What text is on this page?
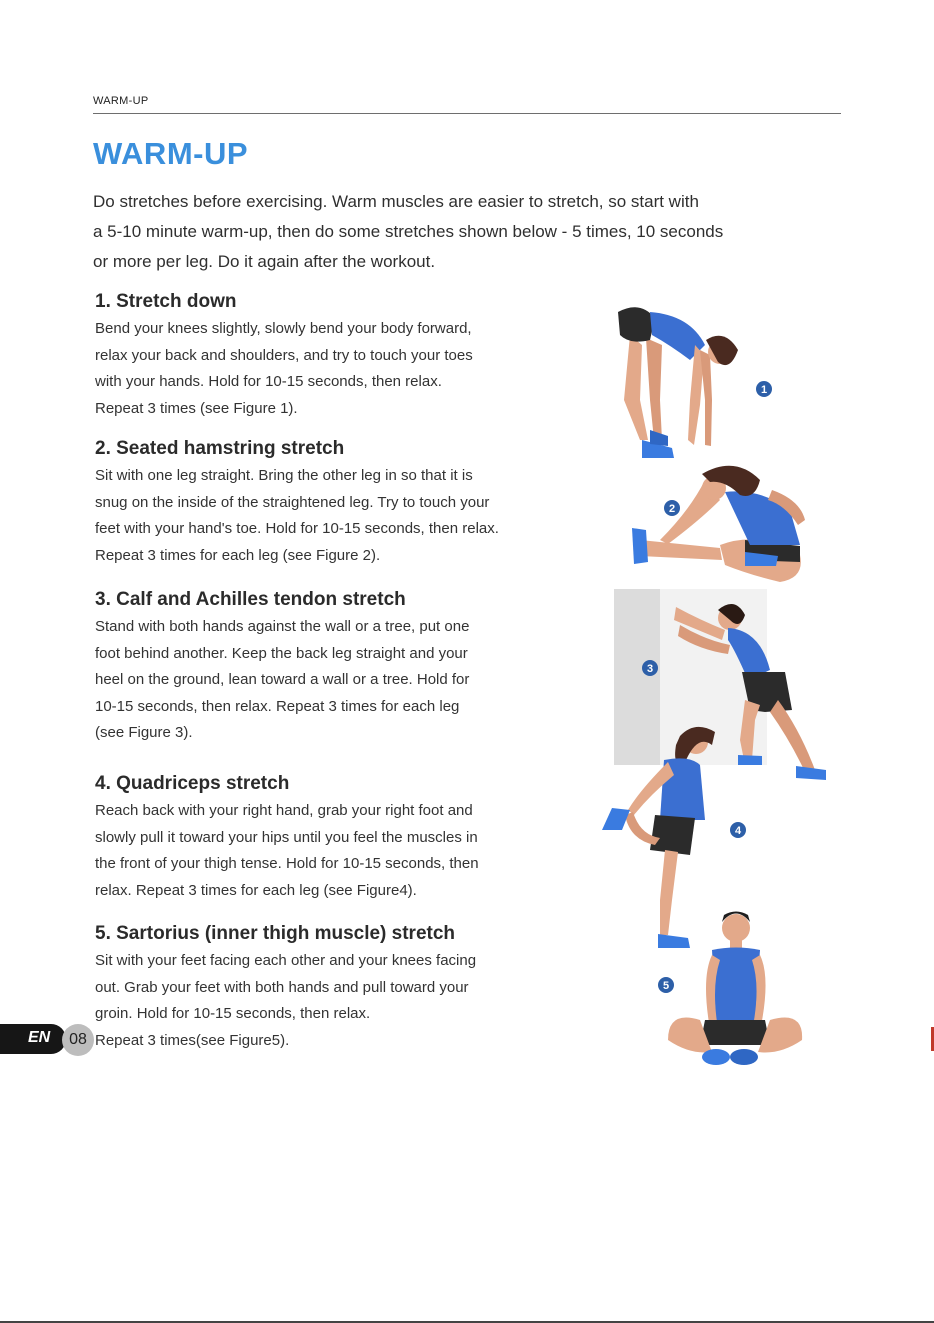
WARM-UP
WARM-UP
Do stretches before exercising. Warm muscles are easier to stretch, so start with
a 5-10 minute warm-up, then do some stretches shown below - 5 times, 10 seconds
or more per leg. Do it again after the workout.
1. Stretch down
Bend your knees slightly, slowly bend your body forward,
relax your back and shoulders, and try to touch your toes
with your hands. Hold for 10-15 seconds, then relax.
Repeat 3 times (see Figure 1).
2. Seated hamstring stretch
Sit with one leg straight. Bring the other leg in so that it is
snug on the inside of the straightened leg. Try to touch your
feet with your hand's toe. Hold for 10-15 seconds, then relax.
Repeat 3 times for each leg (see Figure 2).
3. Calf and Achilles tendon stretch
Stand with both hands against the wall or a tree, put one
foot behind another. Keep the back leg straight and your
heel on the ground, lean toward a wall or a tree. Hold for
10-15 seconds, then relax. Repeat 3 times for each leg
(see Figure 3).
4. Quadriceps stretch
Reach back with your right hand, grab your right foot and
slowly pull it toward your hips until you feel the muscles in
the front of your thigh tense. Hold for 10-15 seconds, then
relax. Repeat 3 times for each leg (see Figure4).
5. Sartorius (inner thigh muscle) stretch
Sit with your feet facing each other and your knees facing
out. Grab your feet with both hands and pull toward your
groin. Hold for 10-15 seconds, then relax.
Repeat 3 times(see Figure5).
1
2
3
4
5
EN	08
